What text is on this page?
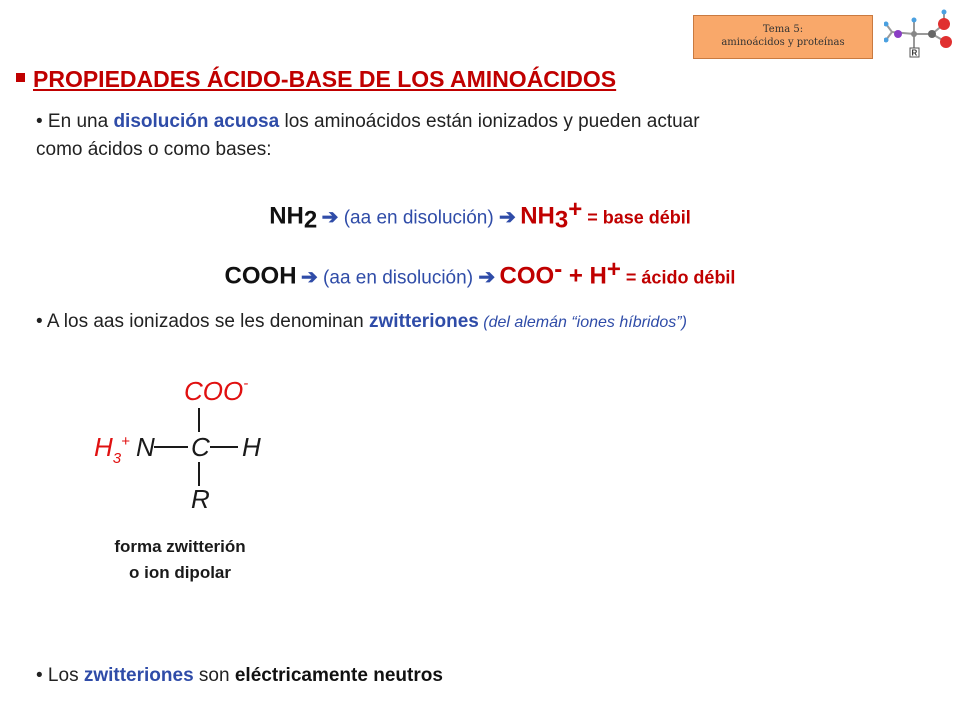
Tema 5:
aminoácidos y proteínas
R
PROPIEDADES ÁCIDO-BASE DE LOS AMINOÁCIDOS
• En una disolución acuosa los aminoácidos están ionizados y pueden actuar
como ácidos o como bases:
$NH_2$ ➔ (aa en disolución) ➔ $NH_3^+$ = base débil
COOH ➔ (aa en disolución) ➔ COO- + H+ = ácido débil
• A los aas ionizados se les denominan zwitteriones (del alemán “iones híbridos”)
COO-
$H_3^+$ N C H
R
forma zwitterión
o ion dipolar
• Los zwitteriones son eléctricamente neutros
